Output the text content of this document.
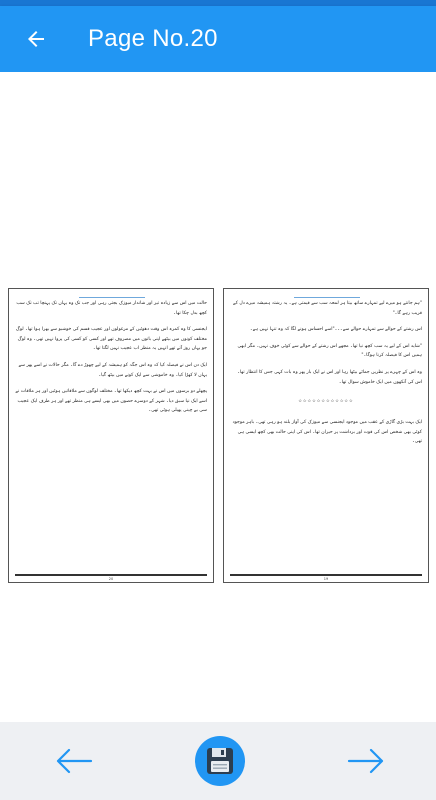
Page No.20

حالت میں اس سے زیادہ تیز اور شاندار میوزک بجتی رہی اور جب تک وہ یہاں تک پہنچا تب تک سب کچھ بدل چکا تھا۔

ایجنسی کا وہ کمرہ اس وقت دھوئیں کے مرغولوں اور عجیب قسم کی خوشبو سے بھرا ہوا تھا۔ لوگ مختلف کونوں میں بیٹھے اپنی باتوں میں مصروف تھے اور کسی کو کسی کی پروا نہیں تھی۔ وہ لوگ جو یہاں روز آتے تھے انہیں یہ منظر اب عجیب نہیں لگتا تھا۔

ایک دن اس نے فیصلہ کیا کہ وہ اس جگہ کو ہمیشہ کے لیے چھوڑ دے گا۔ مگر حالات نے اسے پھر سے یہاں لا کھڑا کیا۔ وہ خاموشی سے ایک کونے میں بیٹھ گیا۔

پچھلے دو برسوں میں اس نے بہت کچھ دیکھا تھا۔ مختلف لوگوں سے ملاقاتیں ہوئیں اور ہر ملاقات نے اسے ایک نیا سبق دیا۔ شہر کے دوسرے حصوں میں بھی ایسے ہی منظر تھے اور ہر طرف ایک عجیب سی بے چینی پھیلی ہوئی تھی۔

20

"ہم جانتے ہو میرے لیے تمہارے ساتھ بیتا ہر لمحہ سب سے قیمتی ہے۔ یہ رشتہ ہمیشہ میرے دل کے قریب رہے گا۔"

اس رشتے کے حوالے سے تمہارے حوالے سے۔۔۔"اسے احساس ہونے لگا کہ وہ تنہا نہیں ہے۔

"شاید اس کے لیے یہ سب کچھ نیا تھا۔ مجھے اس رشتے کے حوالے سے کوئی خوف نہیں۔ مگر ابھی ہمیں اس کا فیصلہ کرنا ہوگا۔"

وہ اس کے چہرے پر نظریں جمائے بیٹھا رہا اور اس نے ایک بار پھر وہ بات کہی جس کا انتظار تھا۔ اس کی آنکھوں میں ایک خاموش سوال تھا۔

☆☆☆☆☆☆☆☆☆☆☆☆

ایک بہت بڑی گاڑی کے عقب میں موجود ایجنسی سے میوزک کی آواز بلند ہو رہی تھی۔ باہر موجود کوئی بھی شخص اس کی قوت اور برداشت پر حیران تھا۔ اس کی اپنی حالت بھی کچھ ایسی ہی تھی۔

19
